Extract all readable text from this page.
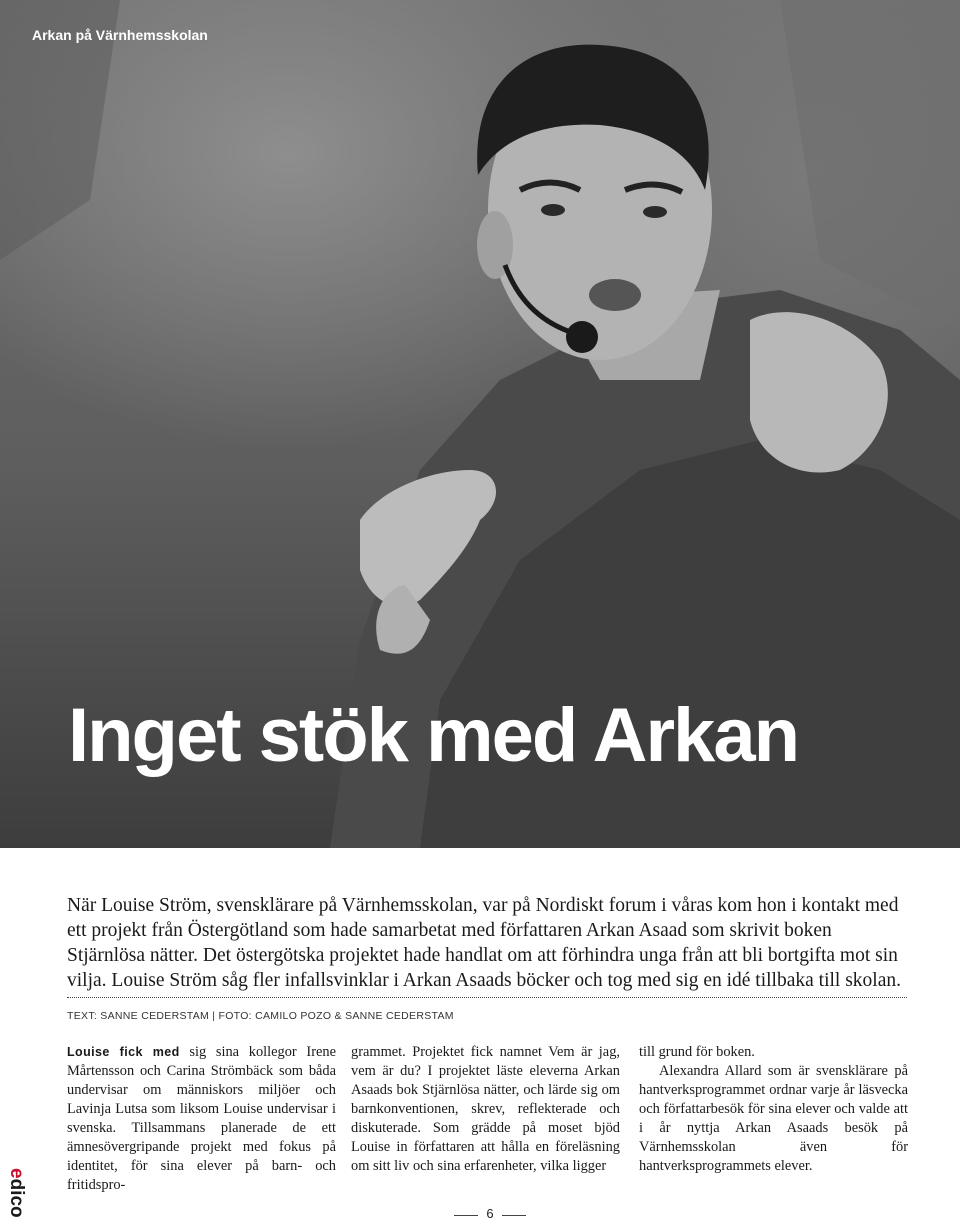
Arkan på Värnhemsskolan

Inget stök med Arkan

När Louise Ström, svensklärare på Värnhemsskolan, var på Nordiskt forum i våras kom hon i kontakt med ett projekt från Östergötland som hade samarbetat med författaren Arkan Asaad som skrivit boken Stjärnlösa nätter. Det östergötska projektet hade handlat om att förhindra unga från att bli bortgifta mot sin vilja. Louise Ström såg fler infallsvinklar i Arkan Asaads böcker och tog med sig en idé tillbaka till skolan.

TEXT: SANNE CEDERSTAM | FOTO: CAMILO POZO & SANNE CEDERSTAM

Louise fick med sig sina kollegor Irene Mårtensson och Carina Strömbäck som båda undervisar om människors miljöer och Lavinja Lutsa som liksom Louise undervisar i svenska. Tillsammans planerade de ett ämnesövergripande projekt med fokus på identitet, för sina elever på barn- och fritidspro-

grammet. Projektet fick namnet Vem är jag, vem är du? I projektet läste eleverna Arkan Asaads bok Stjärnlösa nätter, och lärde sig om barnkonventionen, skrev, reflekterade och diskuterade. Som grädde på moset bjöd Louise in författaren att hålla en föreläsning om sitt liv och sina erfarenheter, vilka ligger

till grund för boken.

Alexandra Allard som är svensklärare på hantverksprogrammet ordnar varje år läsvecka och författarbesök för sina elever och valde att i år nyttja Arkan Asaads besök på Värnhemsskolan även för hantverksprogrammets elever.

6
edico
